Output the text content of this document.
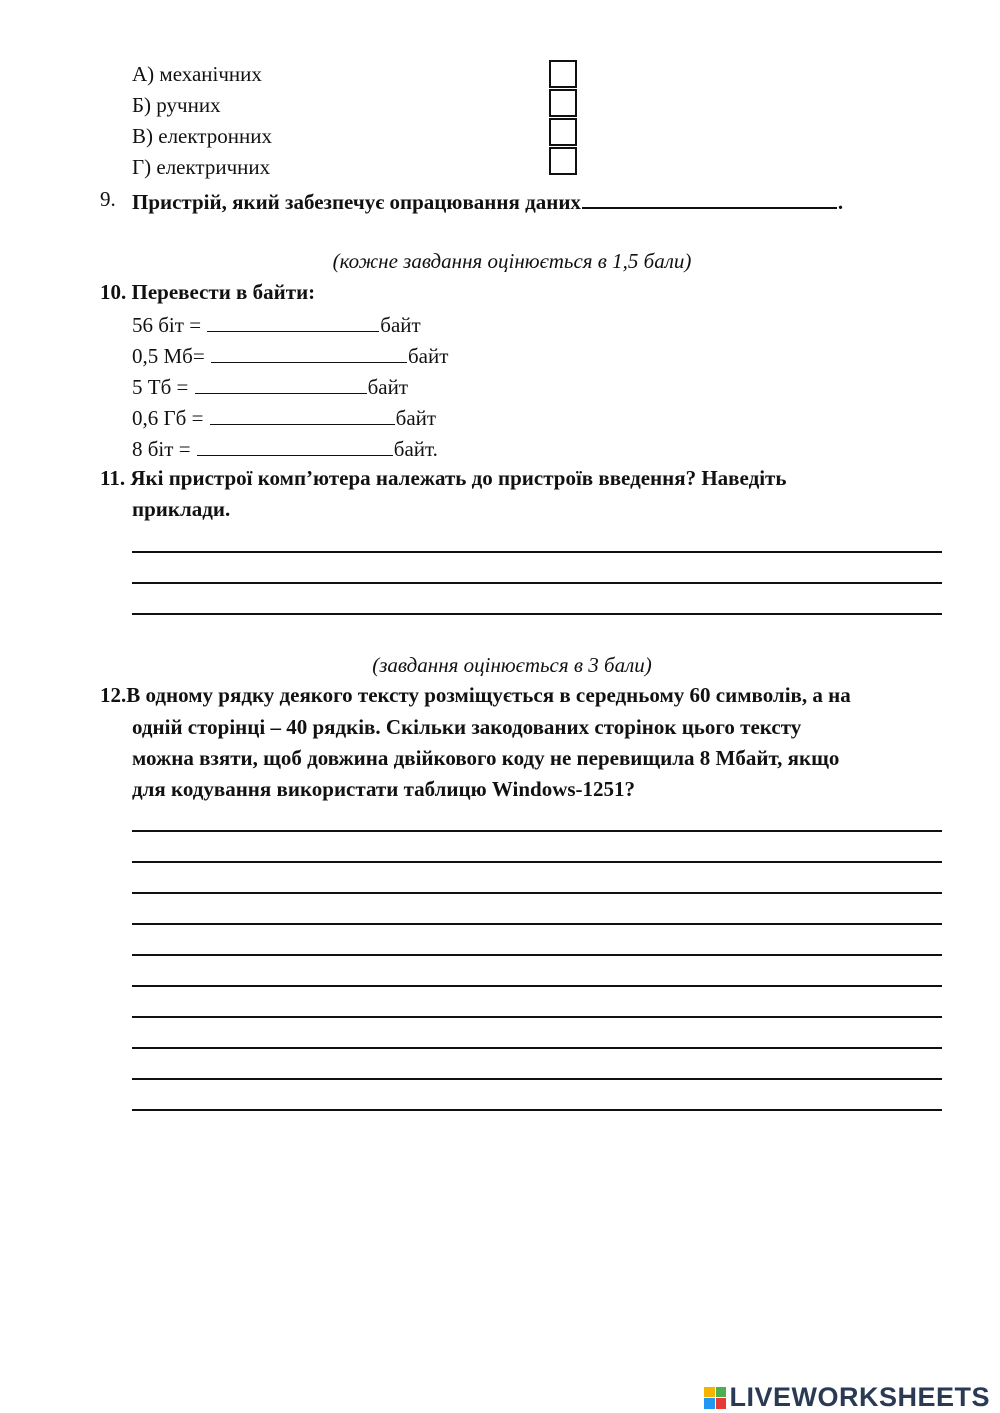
А) механічних
Б) ручних
В) електронних
Г) електричних
9. Пристрій, який забезпечує опрацювання даних	.
(кожне завдання оцінюється в 1,5 бали)
10. Перевести в байти:
56 біт =	байт
0,5 Мб=	байт
5 Тб =	байт
0,6 Гб =	байт
8 біт =	байт.
11. Які пристрої комп’ютера належать до пристроїв введення? Наведіть
приклади.
(завдання оцінюється в 3 бали)
12.В одному рядку деякого тексту розміщується в середньому 60 символів, а на
одній сторінці – 40 рядків. Скільки закодованих сторінок цього тексту
можна взяти, щоб довжина двійкового коду не перевищила 8 Мбайт, якщо
для кодування використати таблицю Windows-1251?
LIVEWORKSHEETS
